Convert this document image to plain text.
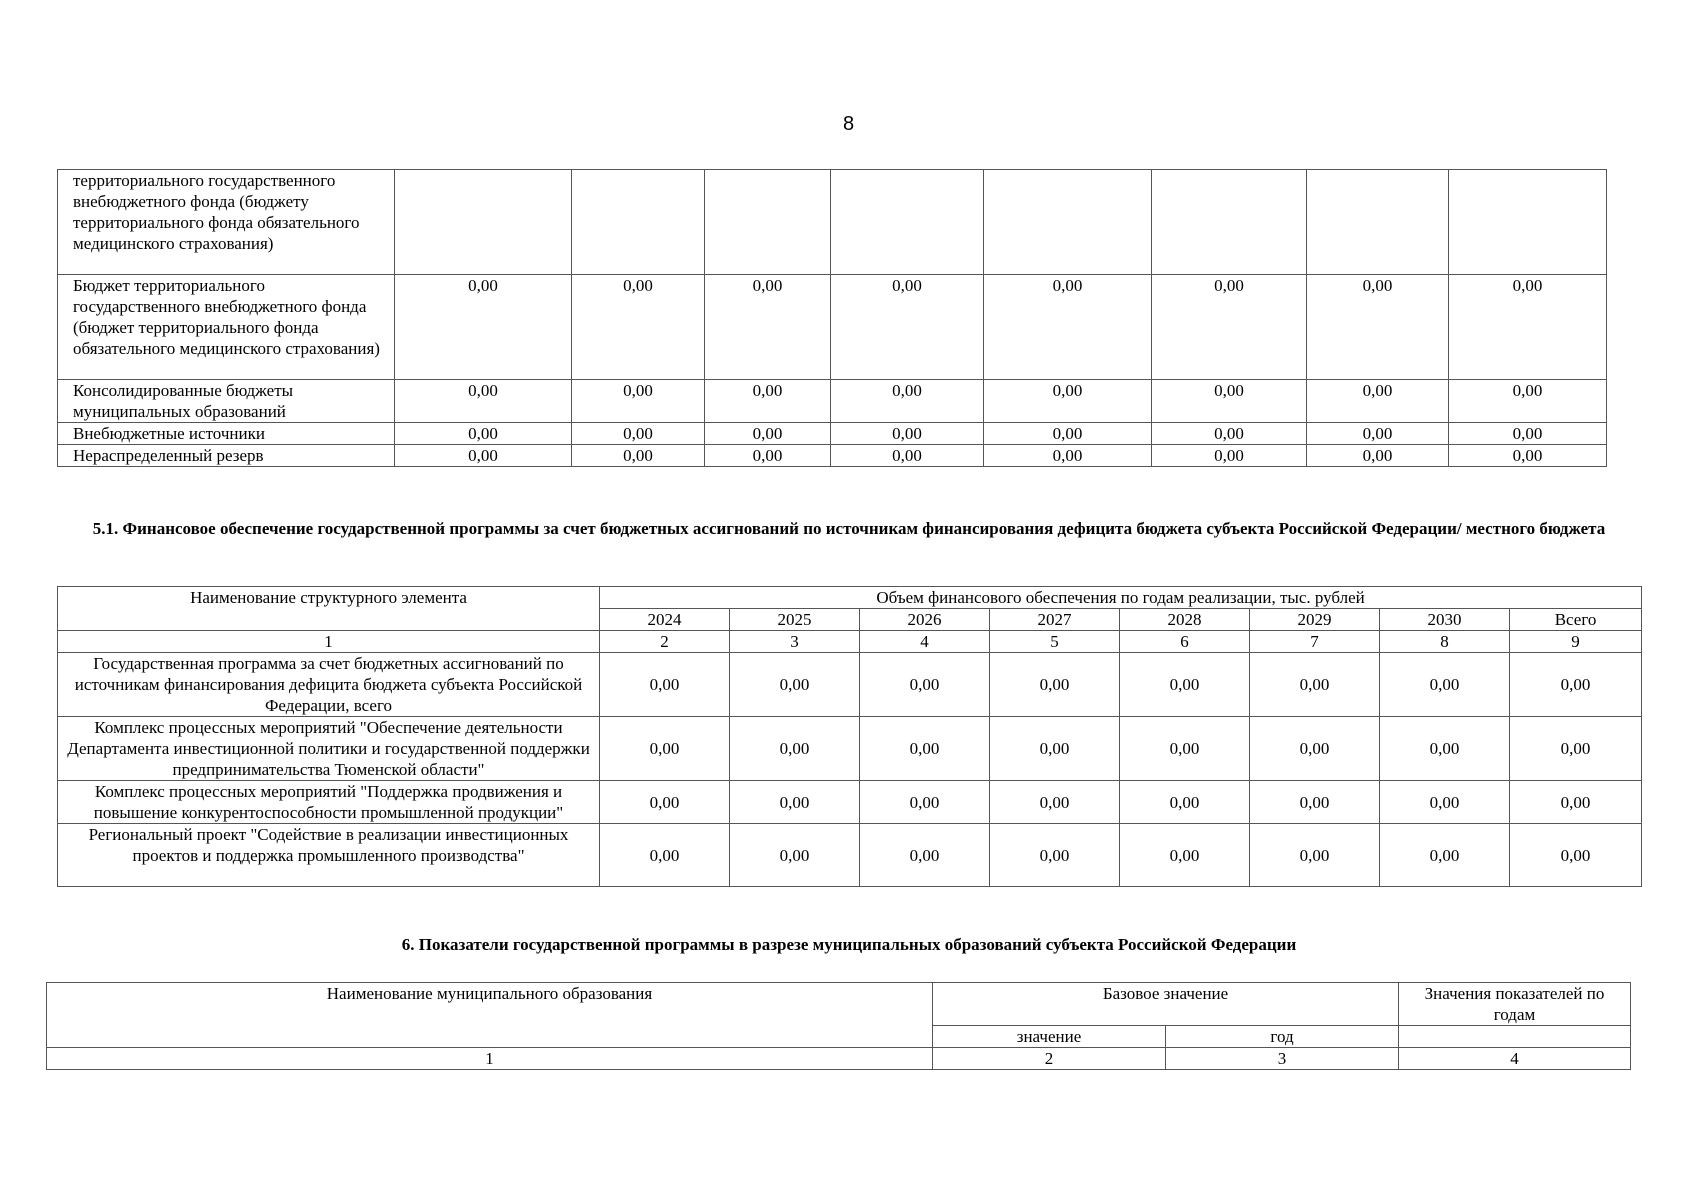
8
территориального государственного внебюджетного фонда (бюджету территориального фонда обязательного медицинского страхования)								
Бюджет территориального государственного внебюджетного фонда (бюджет территориального фонда обязательного медицинского страхования)	0,00	0,00	0,00	0,00	0,00	0,00	0,00	0,00
Консолидированные бюджеты муниципальных образований	0,00	0,00	0,00	0,00	0,00	0,00	0,00	0,00
Внебюджетные источники	0,00	0,00	0,00	0,00	0,00	0,00	0,00	0,00
Нераспределенный резерв	0,00	0,00	0,00	0,00	0,00	0,00	0,00	0,00
5.1. Финансовое обеспечение государственной программы за счет бюджетных ассигнований по источникам финансирования дефицита бюджета субъекта Российской Федерации/ местного бюджета
Наименование структурного элемента	Объем финансового обеспечения по годам реализации, тыс. рублей							
	2024	2025	2026	2027	2028	2029	2030	Всего
1	2	3	4	5	6	7	8	9
Государственная программа за счет бюджетных ассигнований по источникам финансирования дефицита бюджета субъекта Российской Федерации, всего	0,00	0,00	0,00	0,00	0,00	0,00	0,00	0,00
Комплекс процессных мероприятий "Обеспечение деятельности Департамента инвестиционной политики и государственной поддержки предпринимательства Тюменской области"	0,00	0,00	0,00	0,00	0,00	0,00	0,00	0,00
Комплекс процессных мероприятий "Поддержка продвижения и повышение конкурентоспособности промышленной продукции"	0,00	0,00	0,00	0,00	0,00	0,00	0,00	0,00
Региональный проект "Содействие в реализации инвестиционных проектов и поддержка промышленного производства"	0,00	0,00	0,00	0,00	0,00	0,00	0,00	0,00
6. Показатели государственной программы в разрезе муниципальных образований субъекта Российской Федерации
Наименование муниципального образования	Базовое значение		Значения показателей по годам
	значение	год	
1	2	3	4
